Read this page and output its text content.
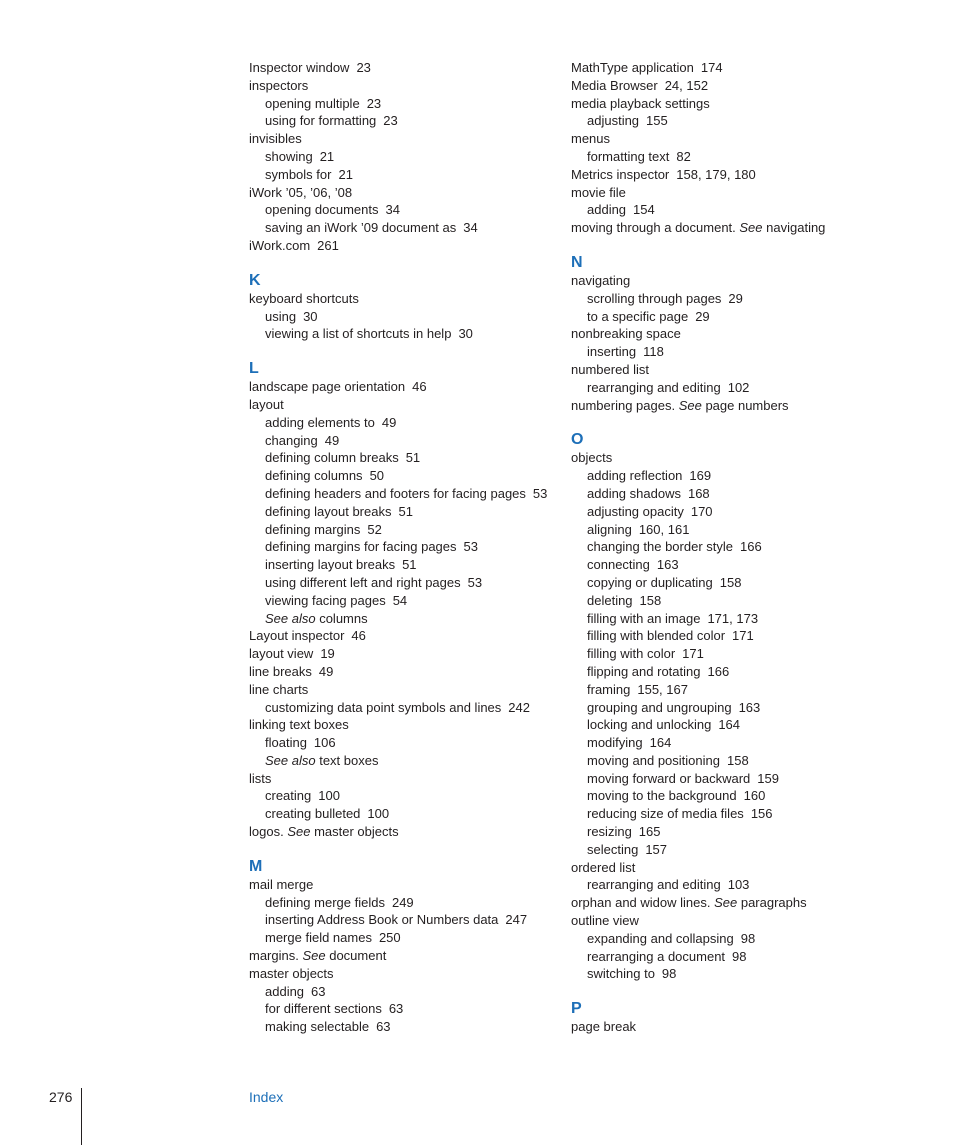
Inspector window 23
inspectors
opening multiple 23
using for formatting 23
invisibles
showing 21
symbols for 21
iWork ’05, ’06, ’08
opening documents 34
saving an iWork ’09 document as 34
iWork.com 261
K
keyboard shortcuts
using 30
viewing a list of shortcuts in help 30
L
landscape page orientation 46
layout
adding elements to 49
changing 49
defining column breaks 51
defining columns 50
defining headers and footers for facing pages 53
defining layout breaks 51
defining margins 52
defining margins for facing pages 53
inserting layout breaks 51
using different left and right pages 53
viewing facing pages 54
See also columns
Layout inspector 46
layout view 19
line breaks 49
line charts
customizing data point symbols and lines 242
linking text boxes
floating 106
See also text boxes
lists
creating 100
creating bulleted 100
logos. See master objects
M
mail merge
defining merge fields 249
inserting Address Book or Numbers data 247
merge field names 250
margins. See document
master objects
adding 63
for different sections 63
making selectable 63
MathType application 174
Media Browser 24, 152
media playback settings
adjusting 155
menus
formatting text 82
Metrics inspector 158, 179, 180
movie file
adding 154
moving through a document. See navigating
N
navigating
scrolling through pages 29
to a specific page 29
nonbreaking space
inserting 118
numbered list
rearranging and editing 102
numbering pages. See page numbers
O
objects
adding reflection 169
adding shadows 168
adjusting opacity 170
aligning 160, 161
changing the border style 166
connecting 163
copying or duplicating 158
deleting 158
filling with an image 171, 173
filling with blended color 171
filling with color 171
flipping and rotating 166
framing 155, 167
grouping and ungrouping 163
locking and unlocking 164
modifying 164
moving and positioning 158
moving forward or backward 159
moving to the background 160
reducing size of media files 156
resizing 165
selecting 157
ordered list
rearranging and editing 103
orphan and widow lines. See paragraphs
outline view
expanding and collapsing 98
rearranging a document 98
switching to 98
P
page break
276	Index
